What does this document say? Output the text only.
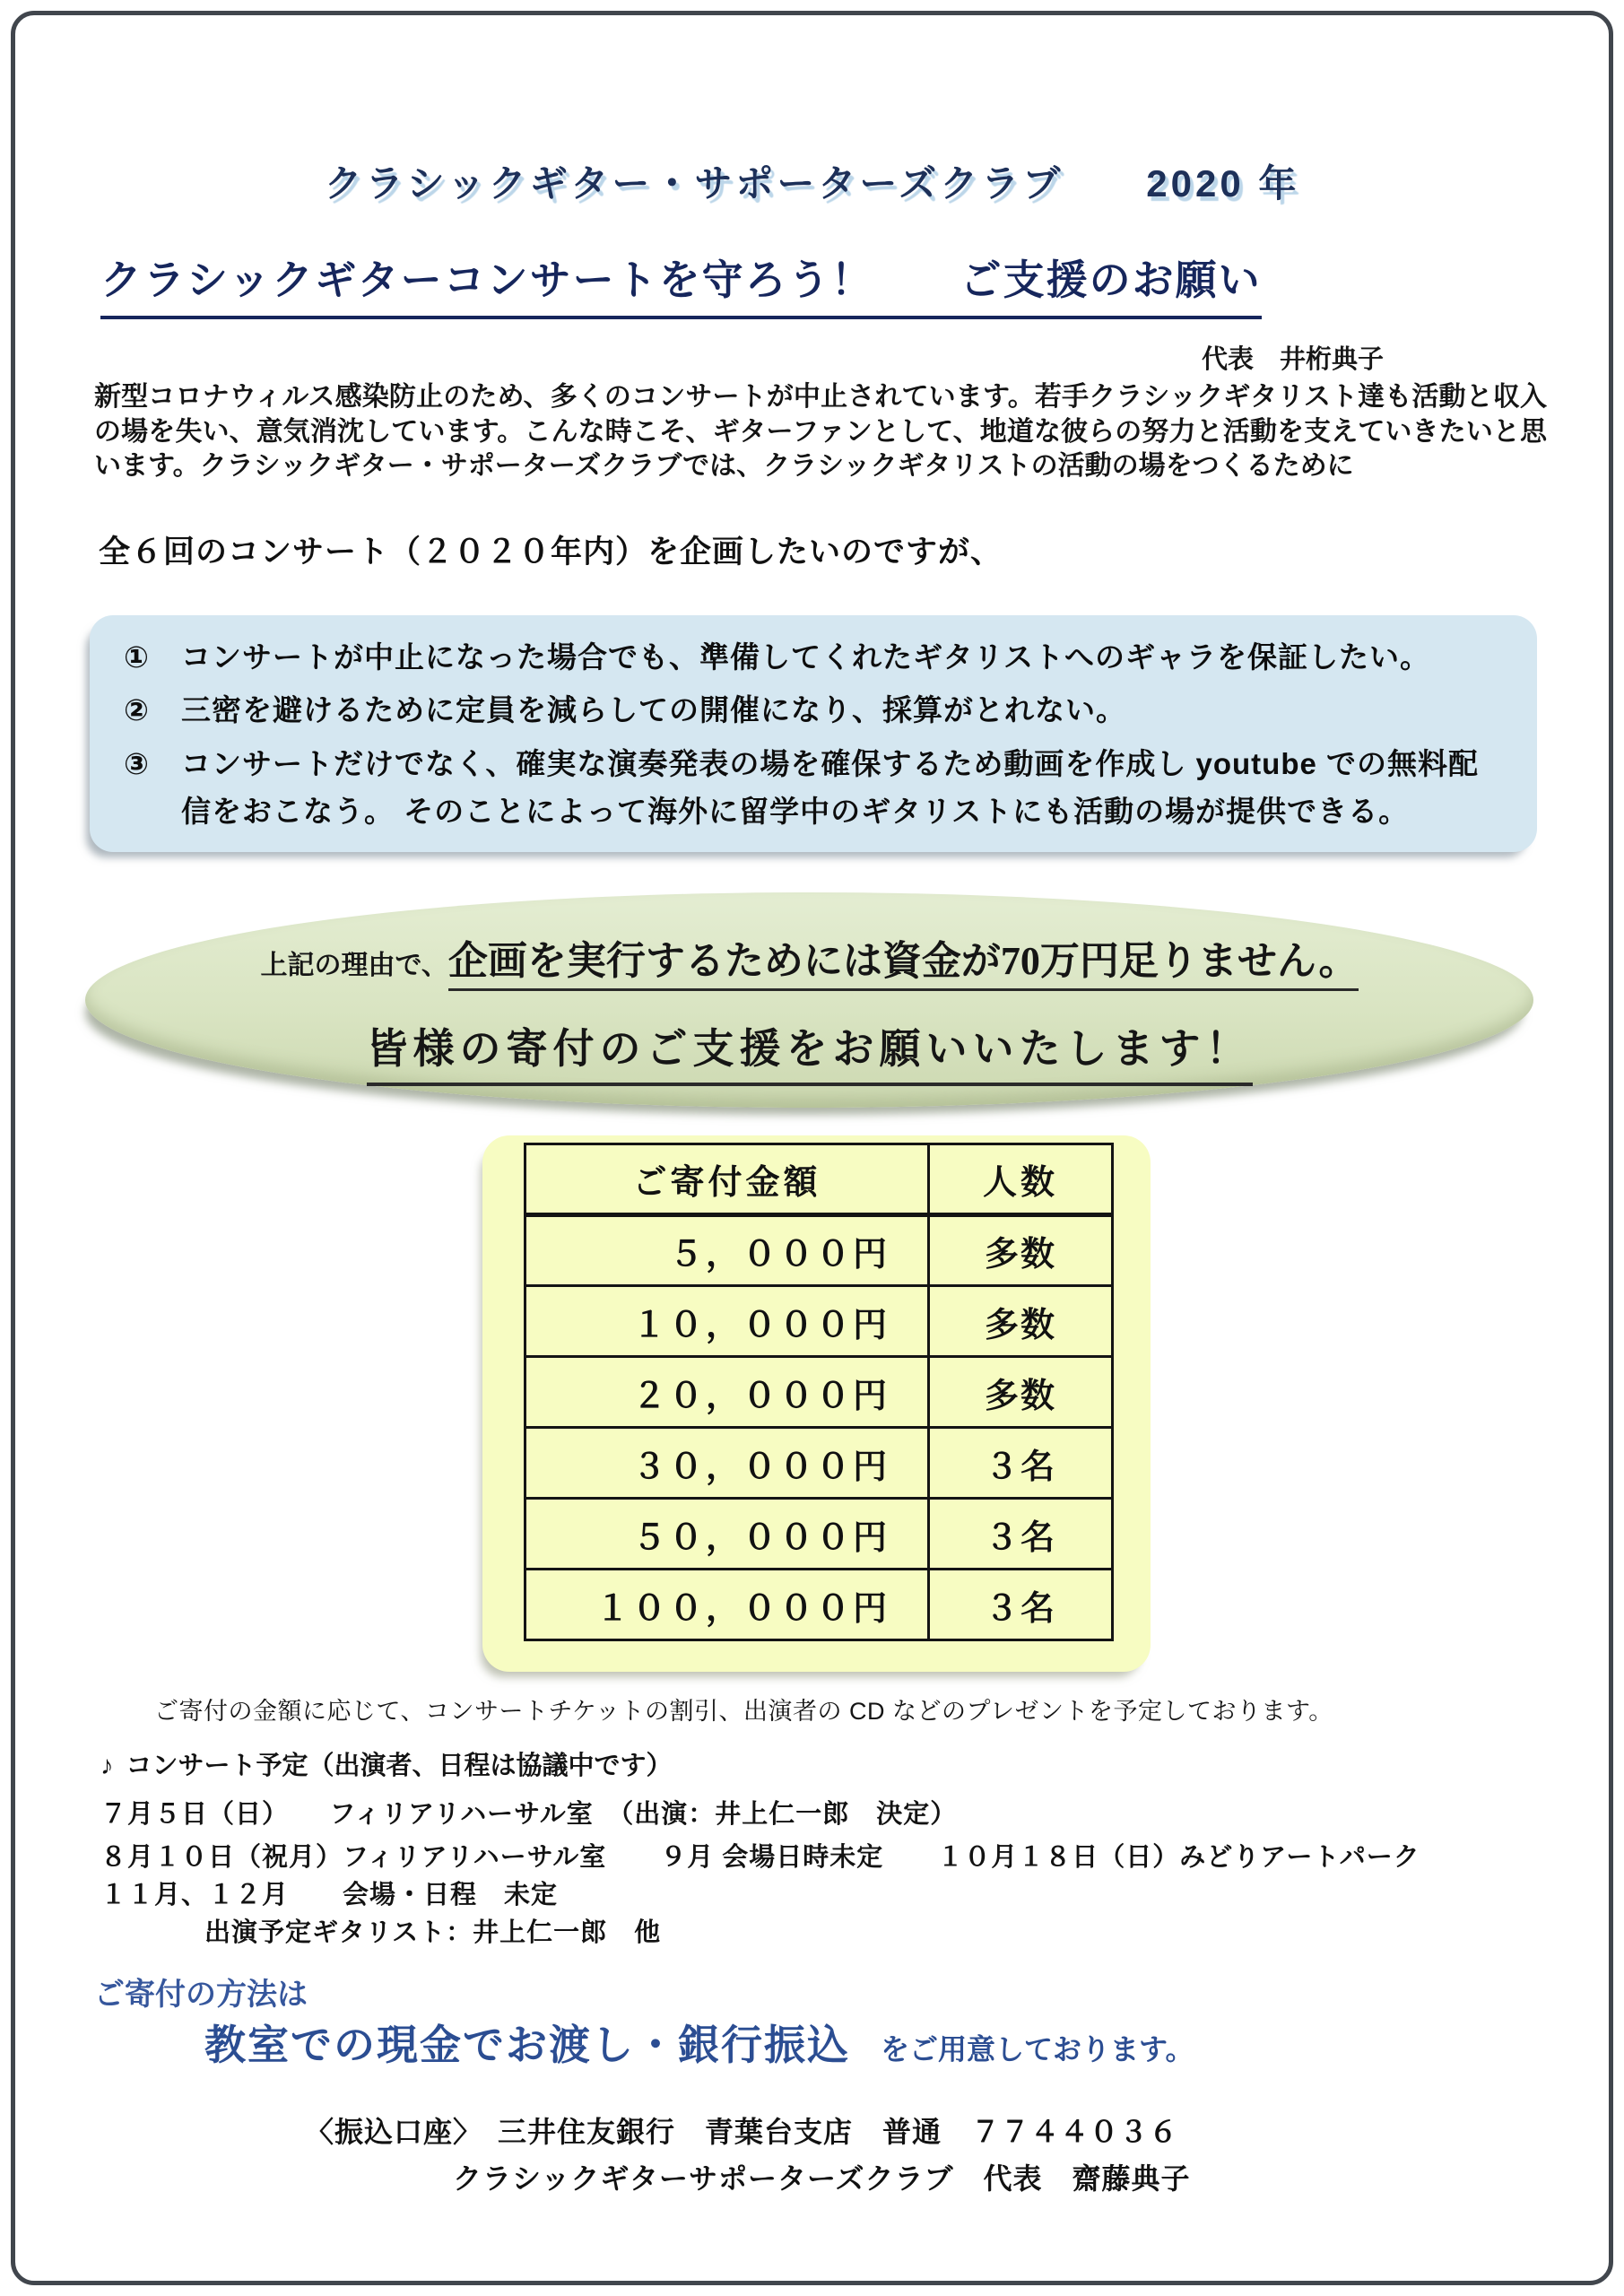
クラシックギター・サポーターズクラブ　　2020 年
クラシックギターコンサートを守ろう！　　ご支援のお願い
代表　井桁典子
新型コロナウィルス感染防止のため、多くのコンサートが中止されています。若手クラシックギタリスト達も活動と収入の場を失い、意気消沈しています。こんな時こそ、ギターファンとして、地道な彼らの努力と活動を支えていきたいと思います。クラシックギター・サポーターズクラブでは、クラシックギタリストの活動の場をつくるために
全６回のコンサート（２０２０年内）を企画したいのですが、
①	コンサートが中止になった場合でも、準備してくれたギタリストへのギャラを保証したい。
②	三密を避けるために定員を減らしての開催になり、採算がとれない。
③	コンサートだけでなく、確実な演奏発表の場を確保するため動画を作成し youtube での無料配信をおこなう。 そのことによって海外に留学中のギタリストにも活動の場が提供できる。
上記の理由で、企画を実行するためには資金が70万円足りません。
皆様の寄付のご支援をお願いいたします！
ご寄付金額	人数
５，０００円	多数
１０，０００円	多数
２０，０００円	多数
３０，０００円	３名
５０，０００円	３名
１００，０００円	３名
ご寄付の金額に応じて、コンサートチケットの割引、出演者の CD などのプレゼントを予定しております。
♪ コンサート予定（出演者、日程は協議中です）
７月５日（日）　　フィリアリハーサル室　（出演：井上仁一郎　決定）
８月１０日（祝月）フィリアリハーサル室　　９月 会場日時未定　　１０月１８日（日）みどりアートパーク
１１月、１２月　　会場・日程　未定
出演予定ギタリスト：井上仁一郎　他
ご寄付の方法は
教室での現金でお渡し・銀行振込 をご用意しております。
〈振込口座〉　三井住友銀行　青葉台支店　普通　７７４４０３６
クラシックギターサポーターズクラブ　代表　齋藤典子
